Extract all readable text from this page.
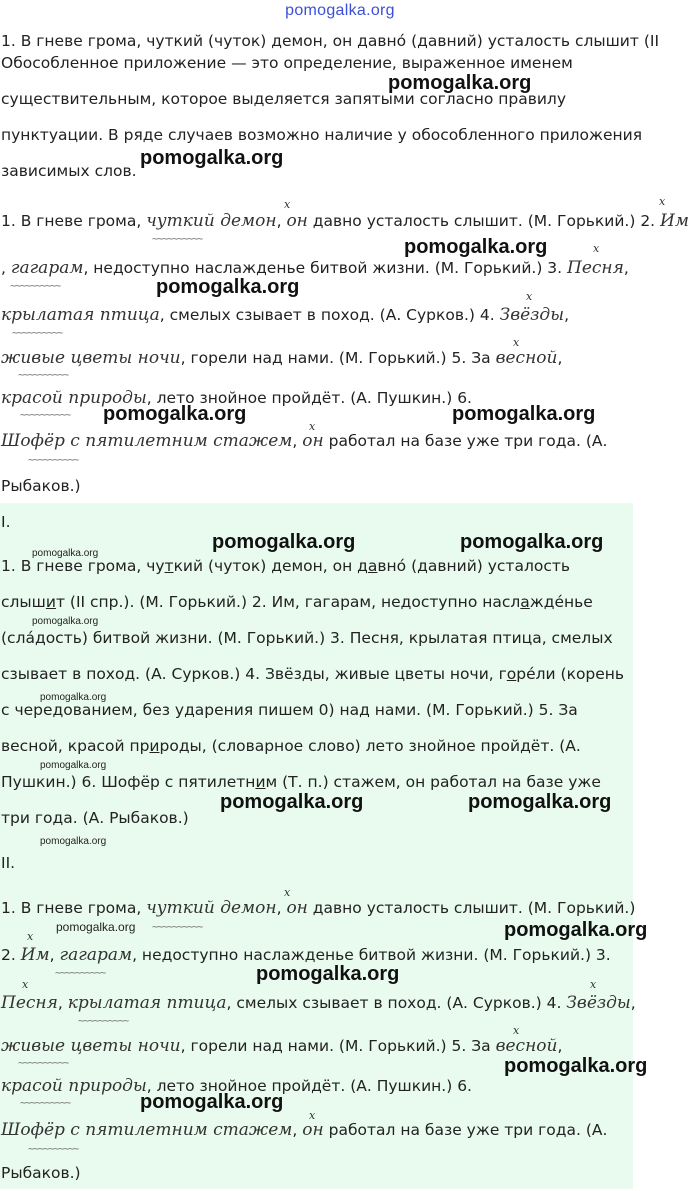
pomogalka.org
1. В гневе грома, чуткий (чуток) демон, он давно́ (давний) усталость слышит (II
Обособленное приложение — это определение, выраженное именем
существительным, которое выделяется запятыми согласно правилу
пунктуации. В ряде случаев возможно наличие у обособленного приложения
зависимых слов.
1. В гневе грома, чуткий демон, он давно усталость слышит. (М. Горький.) 2. Им
x	x
~~~~~~~~~~
, гагарам, недоступно наслажденье битвой жизни. (М. Горький.) 3. Песня,
x
~~~~~~~~~~
крылатая птица, смелых сзывает в поход. (А. Сурков.) 4. Звёзды,
x
~~~~~~~~~~
живые цветы ночи, горели над нами. (М. Горький.) 5. За весной,
x
~~~~~~~~~~
красой природы, лето знойное пройдёт. (А. Пушкин.) 6.
~~~~~~~~~~
Шофёр с пятилетним стажем, он работал на базе уже три года. (А.
x
~~~~~~~~~~
Рыбаков.)
I.
1. В гневе грома, чуткий (чуток) демон, он давно́ (давний) усталость
слышит (II спр.). (М. Горький.) 2. Им, гагарам, недоступно наслажде́нье
(сла́дость) битвой жизни. (М. Горький.) 3. Песня, крылатая птица, смелых
сзывает в поход. (А. Сурков.) 4. Звёзды, живые цветы ночи, горе́ли (корень
с чередованием, без ударения пишем 0) над нами. (М. Горький.) 5. За
весной, красой природы, (словарное слово) лето знойное пройдёт. (А.
Пушкин.) 6. Шофёр с пятилетним (Т. п.) стажем, он работал на базе уже
три года. (А. Рыбаков.)
II.
1. В гневе грома, чуткий демон, он давно усталость слышит. (М. Горький.)
x
~~~~~~~~~~
2. Им, гагарам, недоступно наслажденье битвой жизни. (М. Горький.) 3.
x
~~~~~~~~~~
Песня, крылатая птица, смелых сзывает в поход. (А. Сурков.) 4. Звёзды,
x	x
~~~~~~~~~~
живые цветы ночи, горели над нами. (М. Горький.) 5. За весной,
x
~~~~~~~~~~
красой природы, лето знойное пройдёт. (А. Пушкин.) 6.
~~~~~~~~~~
Шофёр с пятилетним стажем, он работал на базе уже три года. (А.
x
~~~~~~~~~~
Рыбаков.)
pomogalka.org
pomogalka.org
pomogalka.org
pomogalka.org
pomogalka.org	pomogalka.org
pomogalka.org	pomogalka.org
pomogalka.org	pomogalka.org
pomogalka.org
pomogalka.org
pomogalka.org
pomogalka.org
pomogalka.org
pomogalka.org
pomogalka.org
pomogalka.org
pomogalka.org
pomogalka.org
